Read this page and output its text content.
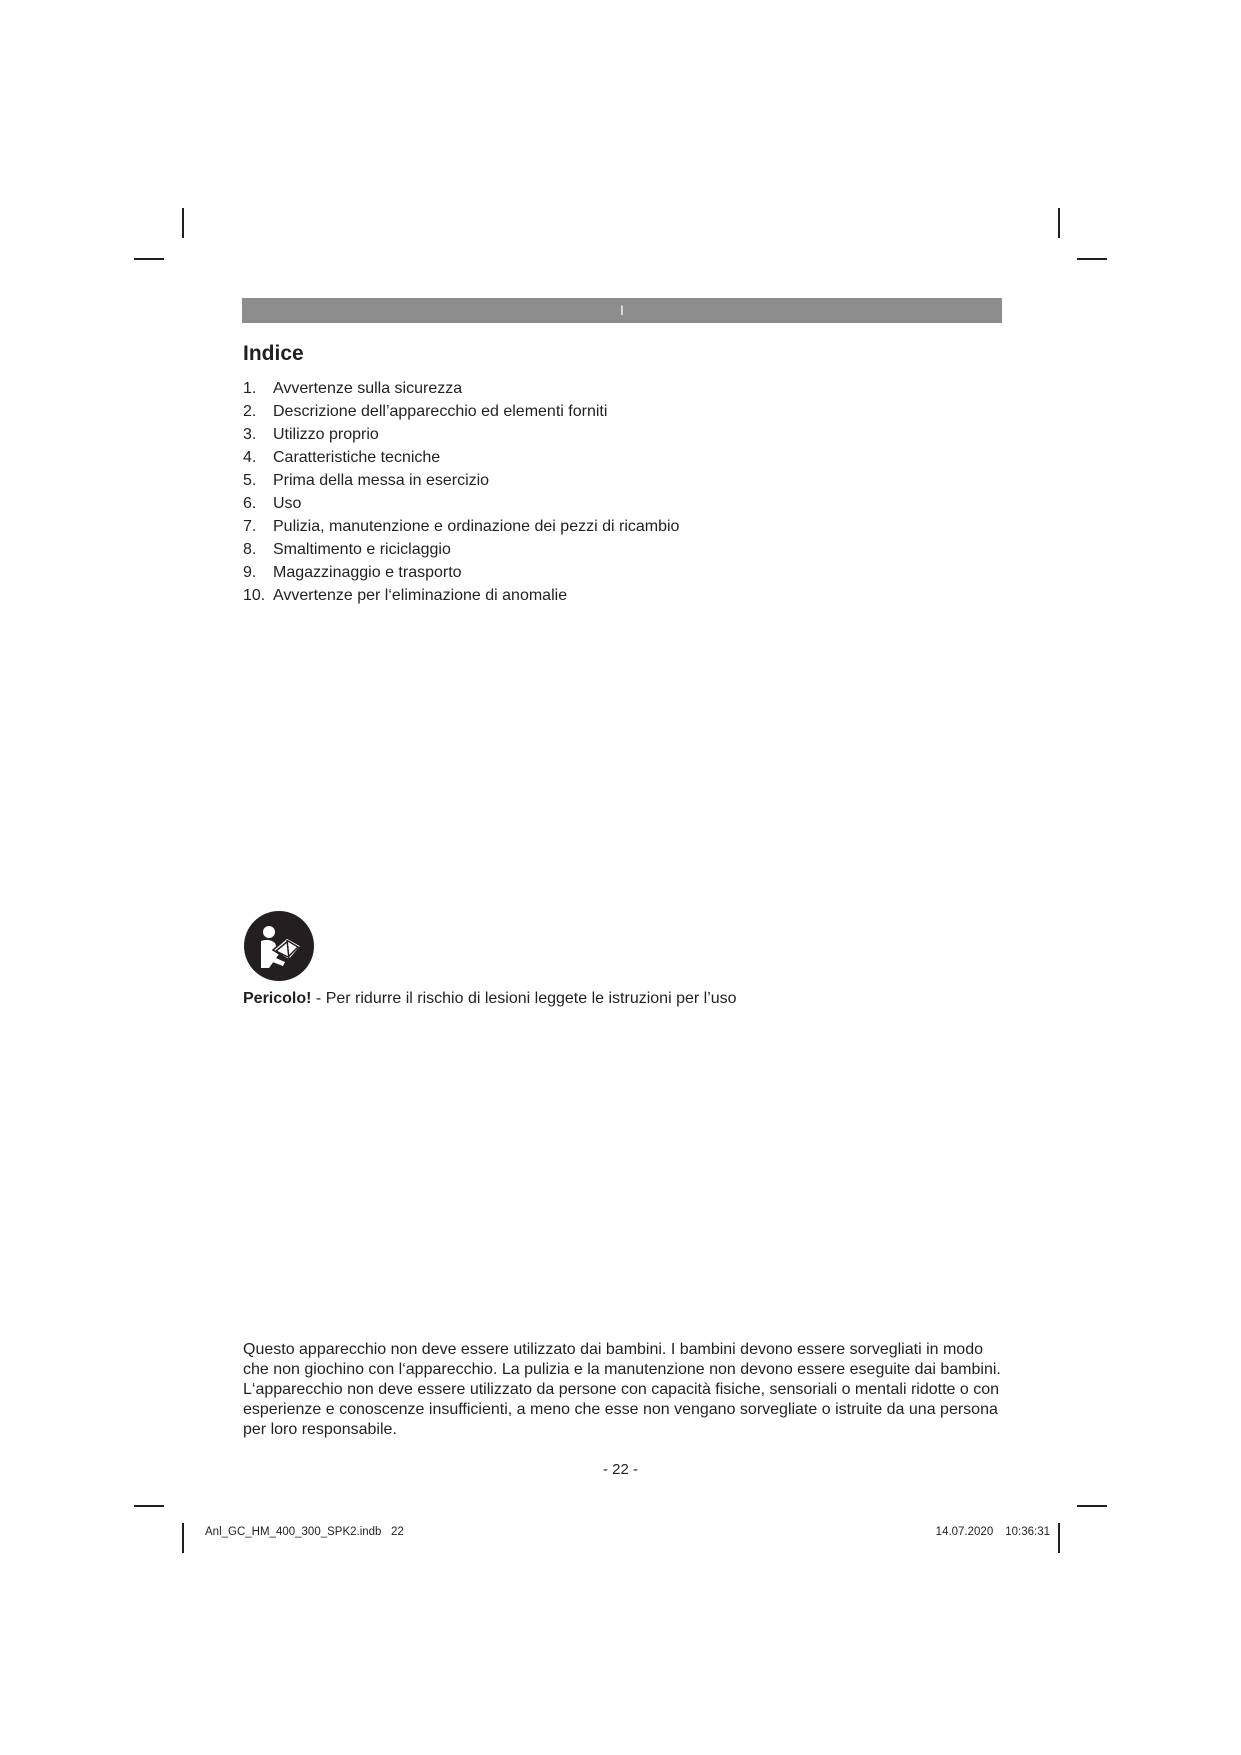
I
Indice
1.	Avvertenze sulla sicurezza
2.	Descrizione dell’apparecchio ed elementi forniti
3.	Utilizzo proprio
4.	Caratteristiche tecniche
5.	Prima della messa in esercizio
6.	Uso
7.	Pulizia, manutenzione e ordinazione dei pezzi di ricambio
8.	Smaltimento e riciclaggio
9.	Magazzinaggio e trasporto
10. Avvertenze per l‘eliminazione di anomalie
Pericolo! - Per ridurre il rischio di lesioni leggete le istruzioni per l’uso

Questo apparecchio non deve essere utilizzato dai bambini. I bambini devono essere sorvegliati in modo che non giochino con l‘apparecchio. La pulizia e la manutenzione non devono essere eseguite dai bambini. L‘apparecchio non deve essere utilizzato da persone con capacità fisiche, sensoriali o mentali ridotte o con esperienze e conoscenze insufficienti, a meno che esse non vengano sorvegliate o istruite da una persona per loro responsabile.

- 22 -
Anl_GC_HM_400_300_SPK2.indb   22	14.07.2020 10:36:31
